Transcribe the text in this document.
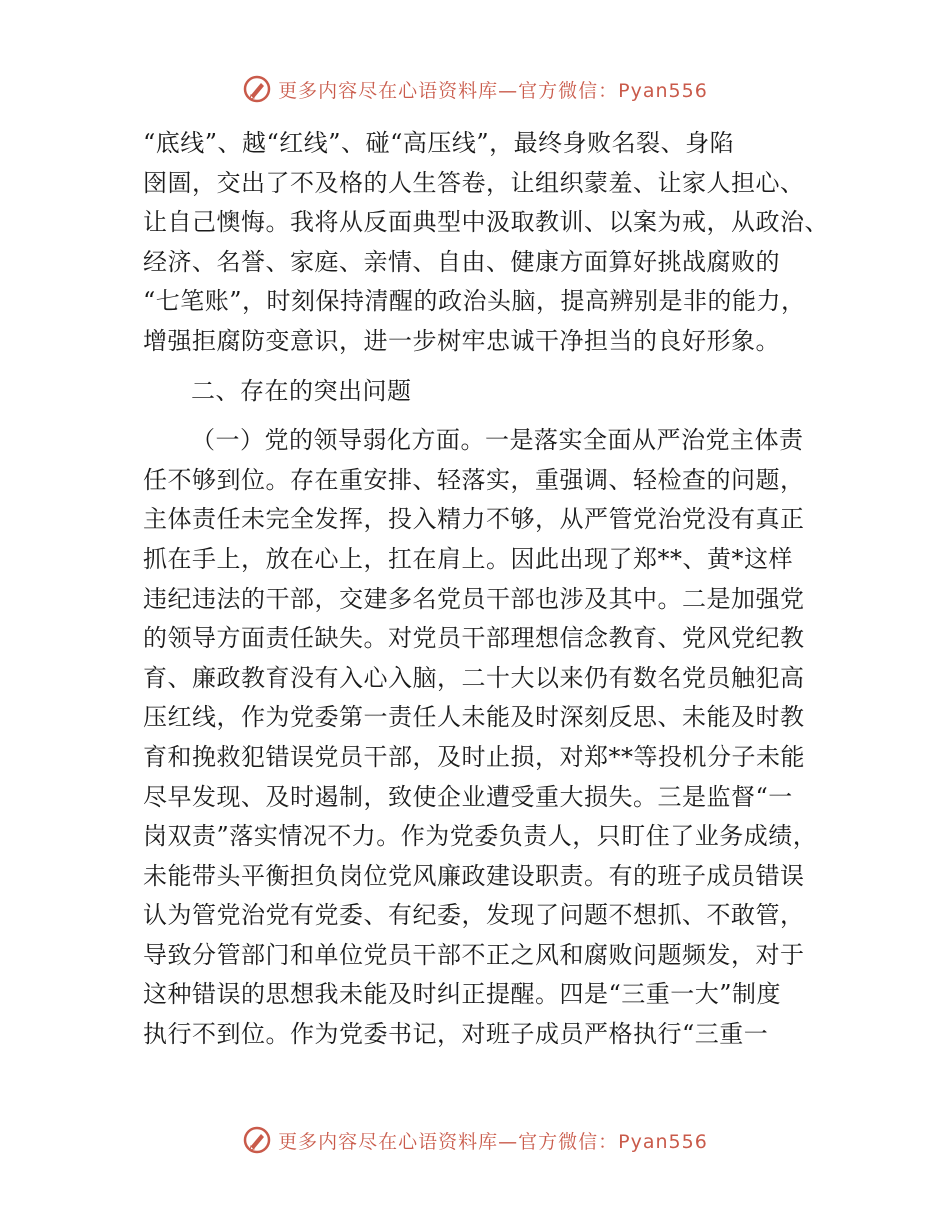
更多内容尽在心语资料库—官方微信：Pyan556
“底线”、越“红线”、碰“高压线”，最终身败名裂、身陷
囹圄，交出了不及格的人生答卷，让组织蒙羞、让家人担心、
让自己懊悔。我将从反面典型中汲取教训、以案为戒，从政治、
经济、名誉、家庭、亲情、自由、健康方面算好挑战腐败的
“七笔账”，时刻保持清醒的政治头脑，提高辨别是非的能力，
增强拒腐防变意识，进一步树牢忠诚干净担当的良好形象。
二、存在的突出问题
（一）党的领导弱化方面。一是落实全面从严治党主体责
任不够到位。存在重安排、轻落实，重强调、轻检查的问题，
主体责任未完全发挥，投入精力不够，从严管党治党没有真正
抓在手上，放在心上，扛在肩上。因此出现了郑**、黄*这样
违纪违法的干部，交建多名党员干部也涉及其中。二是加强党
的领导方面责任缺失。对党员干部理想信念教育、党风党纪教
育、廉政教育没有入心入脑，二十大以来仍有数名党员触犯高
压红线，作为党委第一责任人未能及时深刻反思、未能及时教
育和挽救犯错误党员干部，及时止损，对郑**等投机分子未能
尽早发现、及时遏制，致使企业遭受重大损失。三是监督“一
岗双责”落实情况不力。作为党委负责人，只盯住了业务成绩，
未能带头平衡担负岗位党风廉政建设职责。有的班子成员错误
认为管党治党有党委、有纪委，发现了问题不想抓、不敢管，
导致分管部门和单位党员干部不正之风和腐败问题频发，对于
这种错误的思想我未能及时纠正提醒。四是“三重一大”制度
执行不到位。作为党委书记，对班子成员严格执行“三重一
更多内容尽在心语资料库—官方微信：Pyan556
